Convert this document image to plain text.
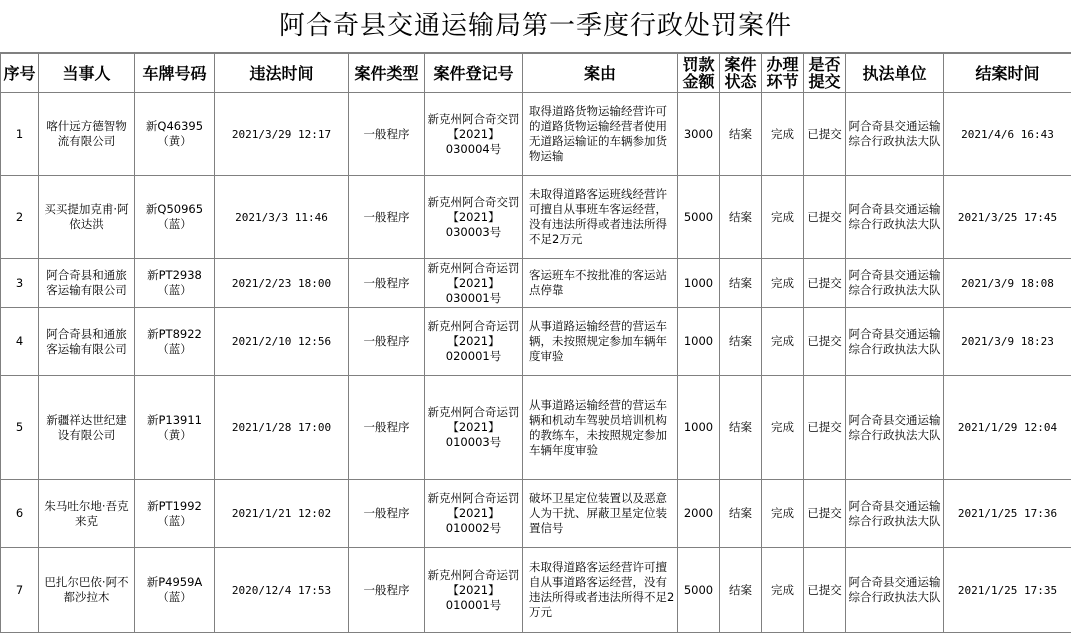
阿合奇县交通运输局第一季度行政处罚案件
序号	当事人	车牌号码	违法时间	案件类型	案件登记号	案由	罚款金额	案件状态	办理环节	是否提交	执法单位	结案时间
1	喀什远方德智物流有限公司	新Q46395（黄）	2021/3/29 12:17	一般程序	新克州阿合奇交罚【2021】030004号	取得道路货物运输经营许可的道路货物运输经营者使用无道路运输证的车辆参加货物运输	3000	结案	完成	已提交	阿合奇县交通运输综合行政执法大队	2021/4/6 16:43
2	买买提加克甫·阿依达洪	新Q50965（蓝）	2021/3/3 11:46	一般程序	新克州阿合奇交罚【2021】030003号	未取得道路客运班线经营许可擅自从事班车客运经营，没有违法所得或者违法所得不足2万元	5000	结案	完成	已提交	阿合奇县交通运输综合行政执法大队	2021/3/25 17:45
3	阿合奇县和通旅客运输有限公司	新PT2938（蓝）	2021/2/23 18:00	一般程序	新克州阿合奇运罚【2021】030001号	客运班车不按批准的客运站点停靠	1000	结案	完成	已提交	阿合奇县交通运输综合行政执法大队	2021/3/9 18:08
4	阿合奇县和通旅客运输有限公司	新PT8922（蓝）	2021/2/10 12:56	一般程序	新克州阿合奇运罚【2021】020001号	从事道路运输经营的营运车辆，未按照规定参加车辆年度审验	1000	结案	完成	已提交	阿合奇县交通运输综合行政执法大队	2021/3/9 18:23
5	新疆祥达世纪建设有限公司	新P13911（黄）	2021/1/28 17:00	一般程序	新克州阿合奇运罚【2021】010003号	从事道路运输经营的营运车辆和机动车驾驶员培训机构的教练车，未按照规定参加车辆年度审验	1000	结案	完成	已提交	阿合奇县交通运输综合行政执法大队	2021/1/29 12:04
6	朱马吐尔地·吾克来克	新PT1992（蓝）	2021/1/21 12:02	一般程序	新克州阿合奇运罚【2021】010002号	破坏卫星定位装置以及恶意人为干扰、屏蔽卫星定位装置信号	2000	结案	完成	已提交	阿合奇县交通运输综合行政执法大队	2021/1/25 17:36
7	巴扎尔巴依·阿不都沙拉木	新P4959A（蓝）	2020/12/4 17:53	一般程序	新克州阿合奇运罚【2021】010001号	未取得道路客运经营许可擅自从事道路客运经营，没有违法所得或者违法所得不足2万元	5000	结案	完成	已提交	阿合奇县交通运输综合行政执法大队	2021/1/25 17:35
